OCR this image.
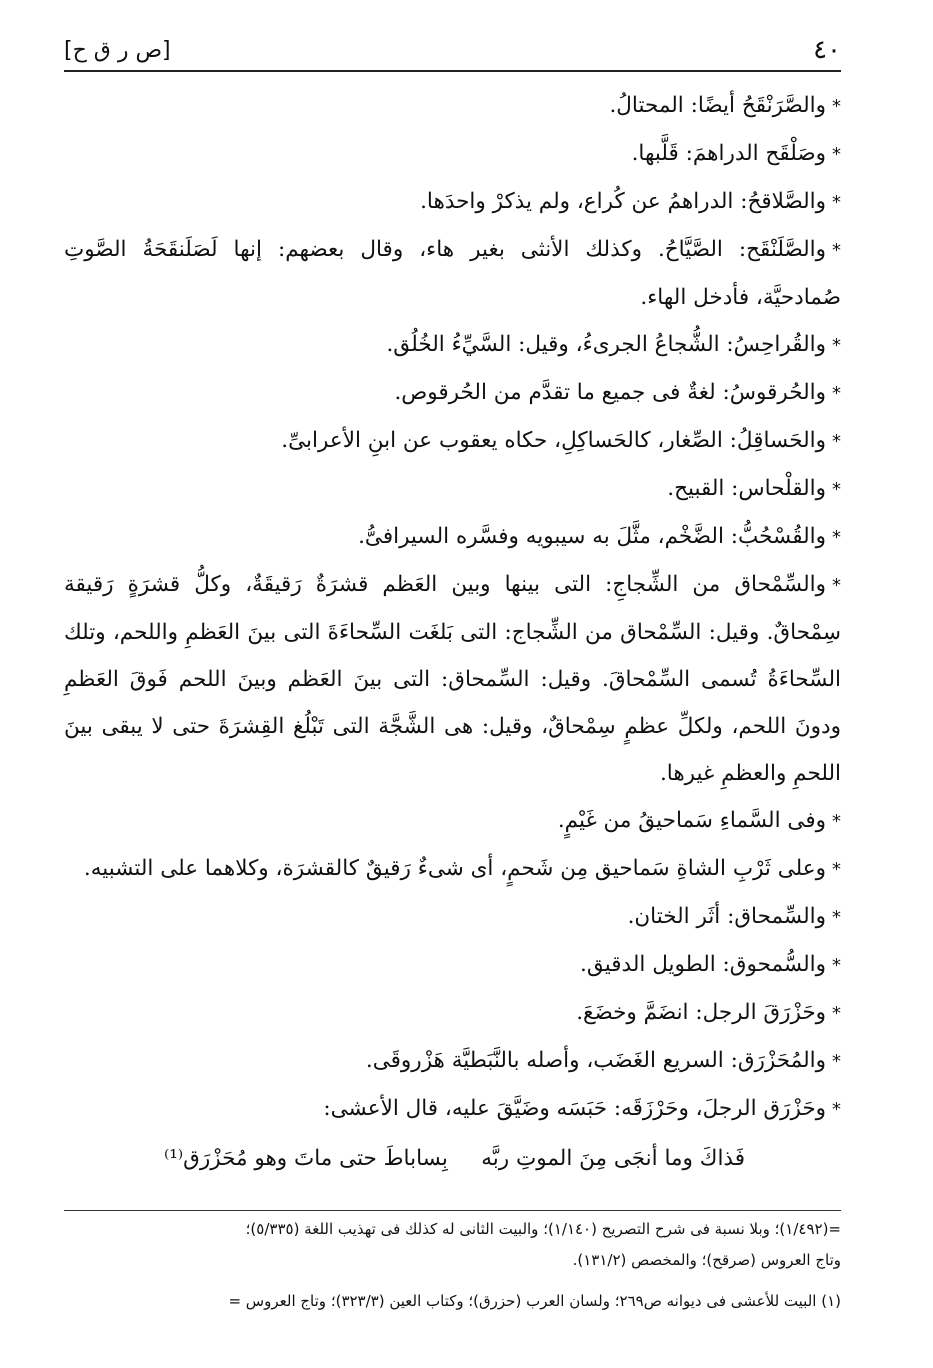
[ص ر ق ح]	٤٠

*والصَّرَنْقَحُ أيضًا: المحتالُ.

*وصَلْقَح الدراهمَ: قَلَّبها.

*والصَّلاقحُ: الدراهمُ عن كُراع، ولم يذكرْ واحدَها.

*والصَّلَنْقَح: الصَّيَّاحُ. وكذلك الأنثى بغير هاء، وقال بعضهم: إنها لَصَلَنقَحَةُ الصَّوتِ صُمادحيَّة، فأدخل الهاء.

*والقُراحِسُ: الشُّجاعُ الجرىءُ، وقيل: السَّيِّءُ الخُلُق.

*والحُرقوسُ: لغةٌ فى جميع ما تقدَّم من الحُرقوص.

*والحَساقِلُ: الصِّغار، كالحَساكِلِ، حكاه يعقوب عن ابنِ الأعرابىِّ.

*والقلْحاس: القبيح.

*والقُسْحُبُّ: الضَّخْم، مثَّلَ به سيبويه وفسَّره السيرافىُّ.

*والسِّمْحاق من الشِّجاجِ: التى بينها وبين العَظم قشرَةٌ رَقيقَةٌ، وكلُّ قشرَةٍ رَقيقة سِمْحاقٌ. وقيل: السِّمْحاق من الشِّجاج: التى بَلغَت السِّحاءَةَ التى بينَ العَظمِ واللحم، وتلك السِّحاءَةُ تُسمى السِّمْحاقَ. وقيل: السِّمحاق: التى بينَ العَظم وبينَ اللحم فَوقَ العَظمِ ودونَ اللحم، ولكلِّ عظمٍ سِمْحاقٌ، وقيل: هى الشَّجَّة التى تَبْلُغ القِشرَةَ حتى لا يبقى بينَ اللحمِ والعظمِ غيرها.

*وفى السَّماءِ سَماحيقُ من غَيْمٍ.

*وعلى ثَرْبِ الشاةِ سَماحيق مِن شَحمٍ، أى شىءٌ رَقيقٌ كالقشرَة، وكلاهما على التشبيه.

*والسِّمحاق: أثَر الختان.

*والسُّمحوق: الطويل الدقيق.

*وحَزْرَقَ الرجل: انضَمَّ وخضَعَ.

*والمُحَزْرَق: السريع الغَضَب، وأصله بالنَّبَطيَّة هَزْروقَى.

*وحَزْرَق الرجلَ، وحَرْزَقَه: حَبَسَه وضَيَّقَ عليه، قال الأعشى:

فَذاكَ وما أنجَى مِنَ الموتِ ربَّه
بِساباطَ حتى ماتَ وهو مُحَزْرَق⁽¹⁾

=(١/٤٩٢)؛ وبلا نسبة فى شرح التصريح (١/١٤٠)؛ والبيت الثانى له كذلك فى تهذيب اللغة (٥/٣٣٥)؛

وتاج العروس (صرقح)؛ والمخصص (١٣١/٢).

(١) البيت للأعشى فى ديوانه ص٢٦٩؛ ولسان العرب (حزرق)؛ وكتاب العين (٣٢٣/٣)؛ وتاج العروس =
